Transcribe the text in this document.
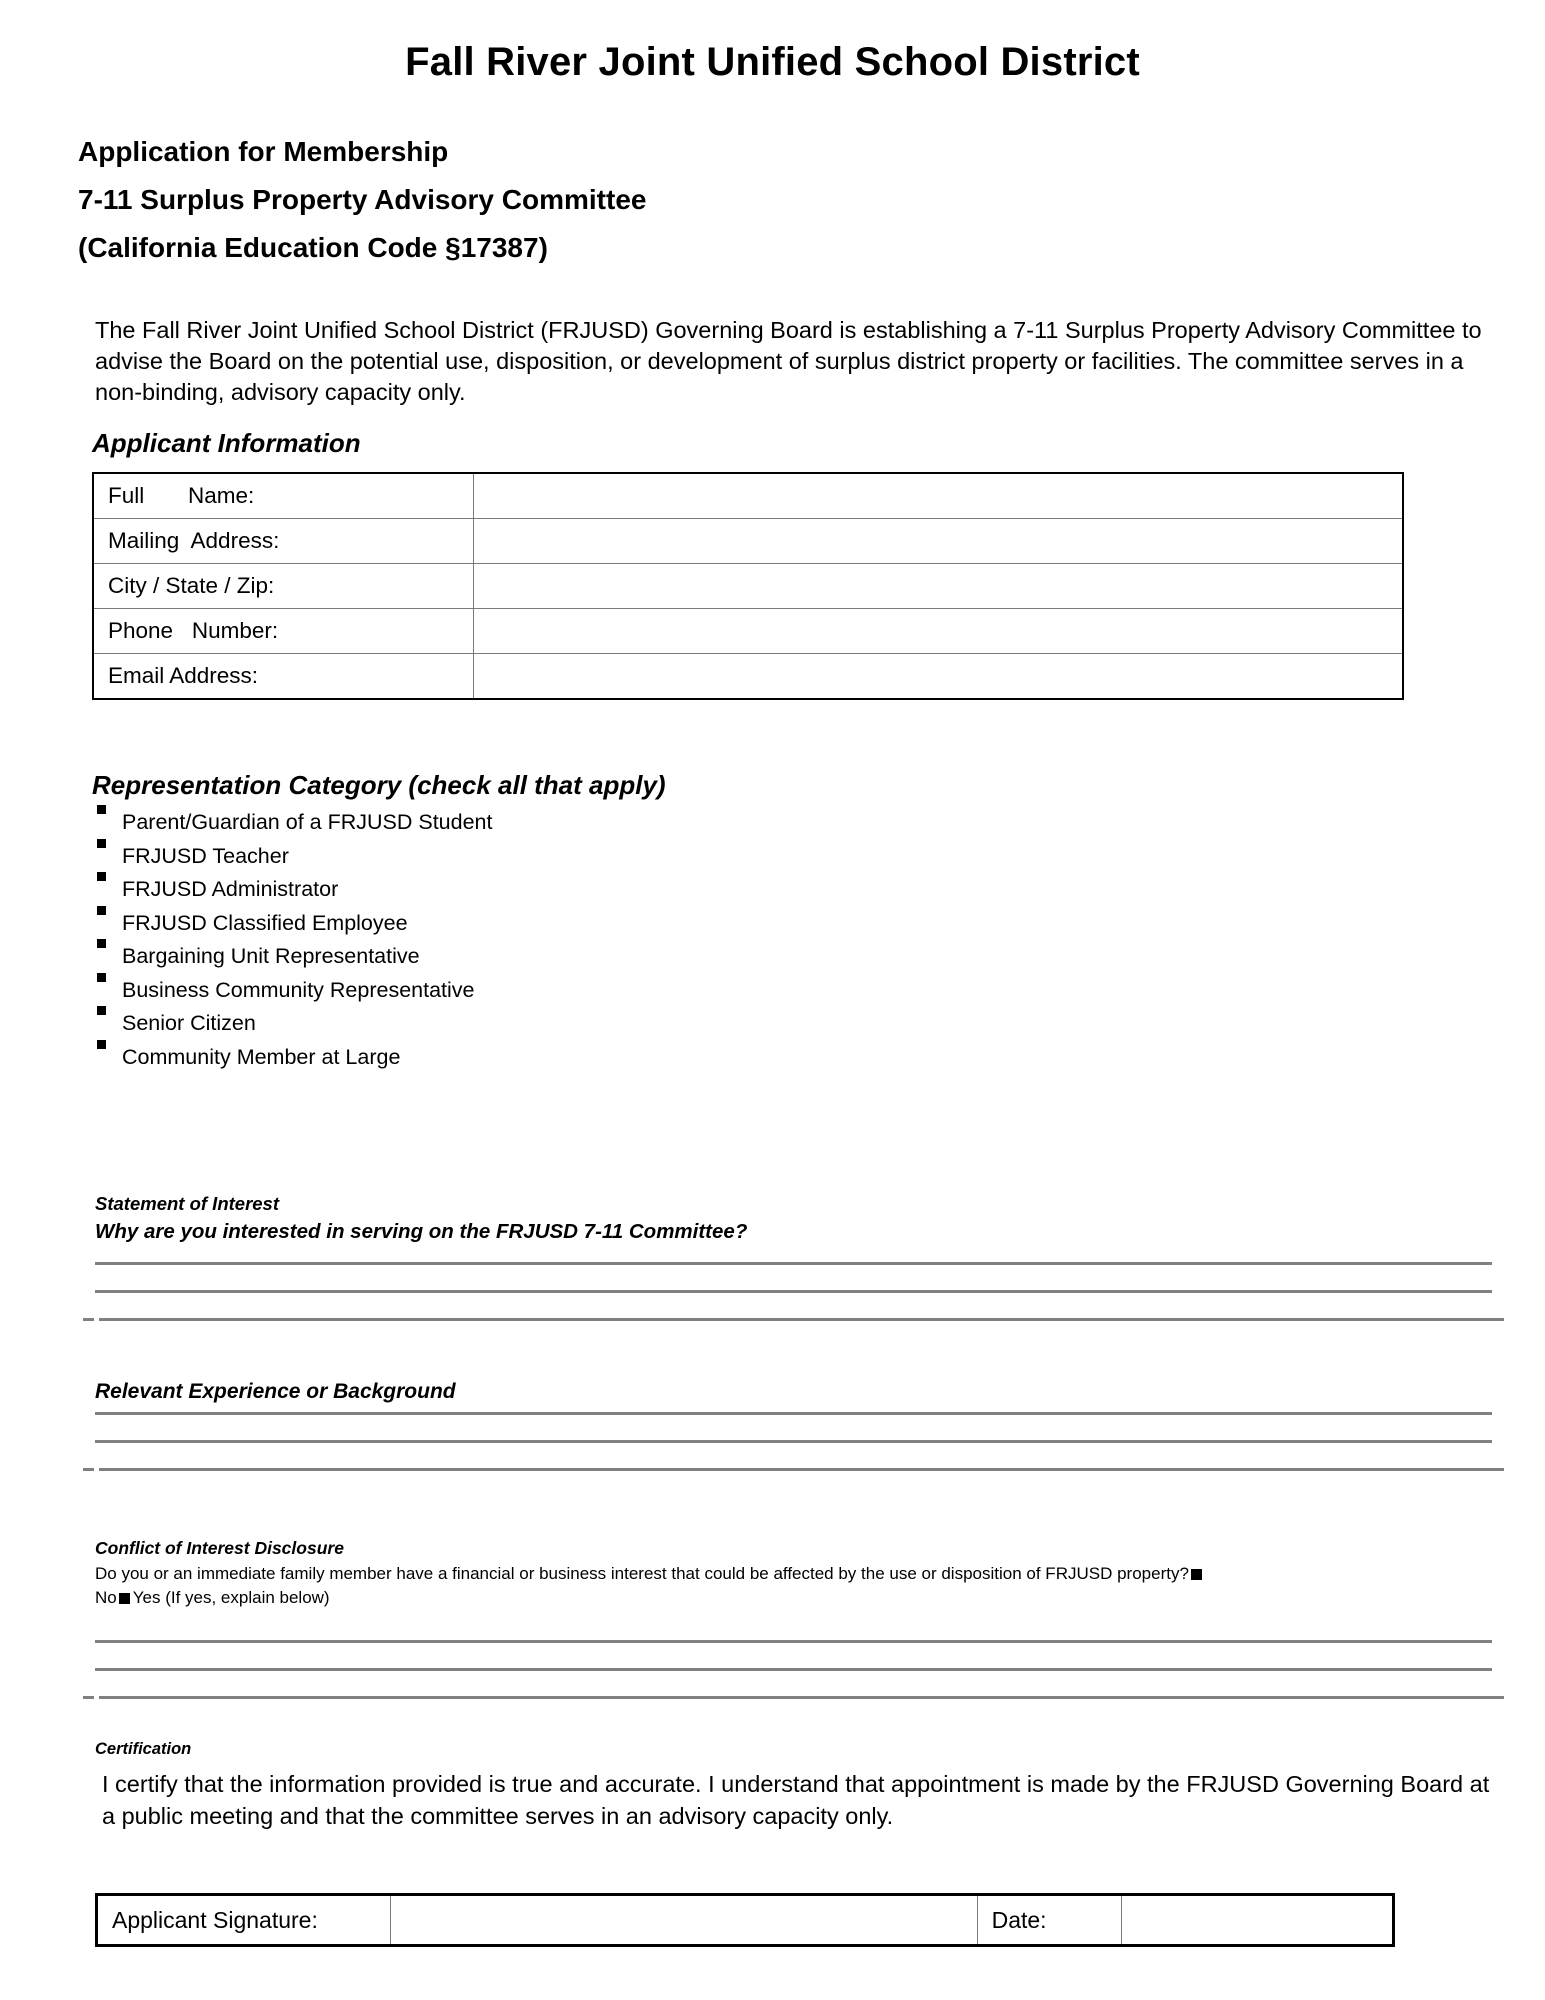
Fall River Joint Unified School District
Application for Membership
7-11 Surplus Property Advisory Committee
(California Education Code §17387)
The Fall River Joint Unified School District (FRJUSD) Governing Board is establishing a 7-11 Surplus Property Advisory Committee to advise the Board on the potential use, disposition, or development of surplus district property or facilities. The committee serves in a non-binding, advisory capacity only.
Applicant Information
Full       Name:	
Mailing  Address:	
City / State / Zip:	
Phone   Number:	
Email Address:	
Representation Category (check all that apply)
Parent/Guardian of a FRJUSD Student
FRJUSD Teacher
FRJUSD Administrator
FRJUSD Classified Employee
Bargaining Unit Representative
Business Community Representative
Senior Citizen
Community Member at Large
Statement of Interest
Why are you interested in serving on the FRJUSD 7-11 Committee?
Relevant Experience or Background
Conflict of Interest Disclosure
Do you or an immediate family member have a financial or business interest that could be affected by the use or disposition of FRJUSD property?No Yes (If yes, explain below)
Certification
I certify that the information provided is true and accurate. I understand that appointment is made by the FRJUSD Governing Board at a public meeting and that the committee serves in an advisory capacity only.
Applicant Signature:		Date:	
